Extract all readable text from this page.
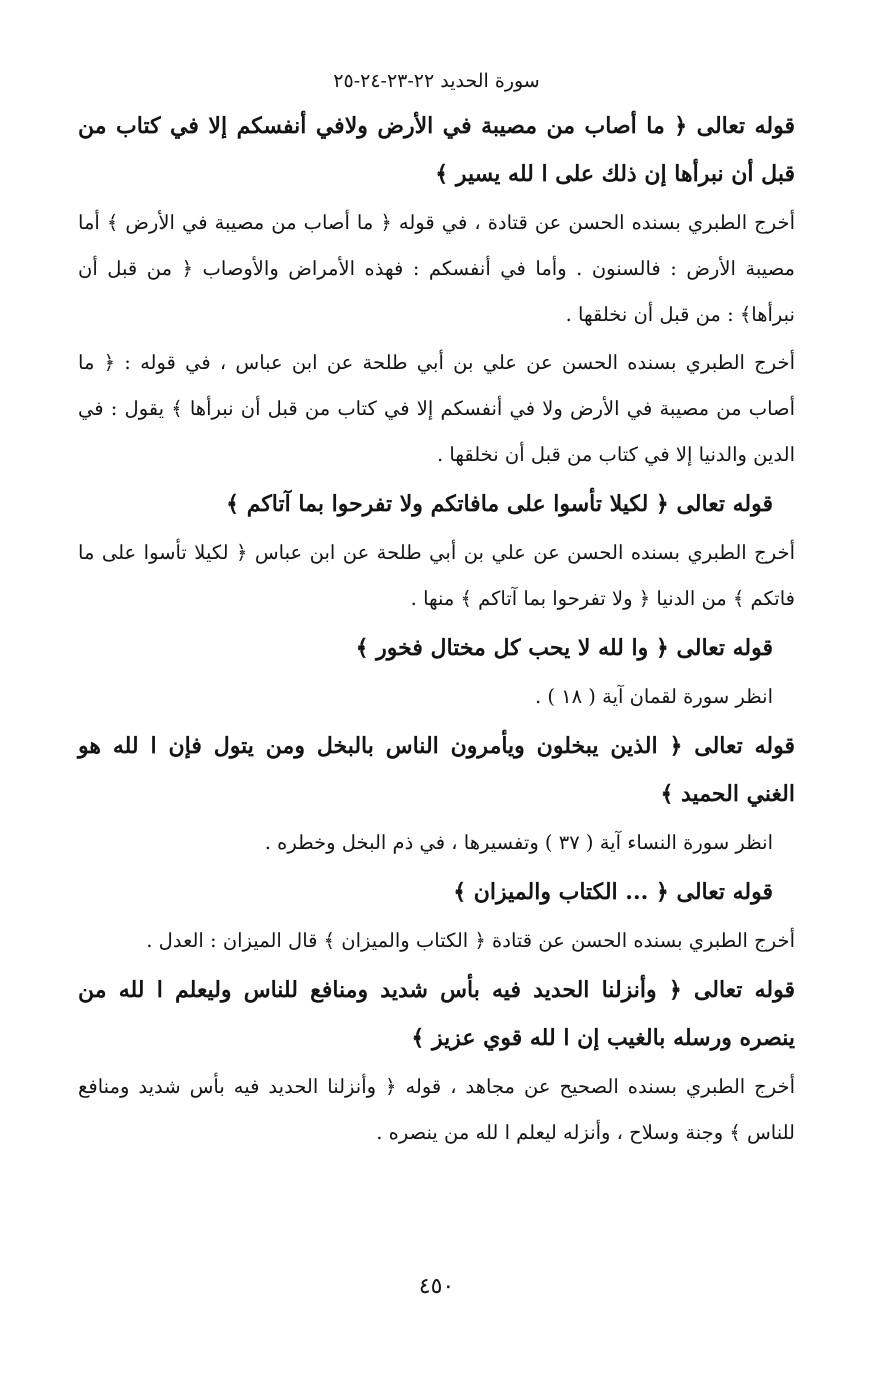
سورة الحديد ٢٢-٢٣-٢٤-٢٥

قوله تعالى ﴿ ما أصاب من مصيبة في الأرض ولافي أنفسكم إلا في كتاب من قبل أن نبرأها إن ذلك على ا لله يسير ﴾

أخرج الطبري بسنده الحسن عن قتادة ، في قوله ﴿ ما أصاب من مصيبة في الأرض ﴾ أما مصيبة الأرض : فالسنون . وأما في أنفسكم : فهذه الأمراض والأوصاب ﴿ من قبل أن نبرأها﴾ : من قبل أن نخلقها .

أخرج الطبري بسنده الحسن عن علي بن أبي طلحة عن ابن عباس ، في قوله : ﴿ ما أصاب من مصيبة في الأرض ولا في أنفسكم إلا في كتاب من قبل أن نبرأها ﴾ يقول : في الدين والدنيا إلا في كتاب من قبل أن نخلقها .

قوله تعالى ﴿ لكيلا تأسوا على مافاتكم ولا تفرحوا بما آتاكم ﴾

أخرج الطبري بسنده الحسن عن علي بن أبي طلحة عن ابن عباس ﴿ لكيلا تأسوا على ما فاتكم ﴾ من الدنيا ﴿ ولا تفرحوا بما آتاكم ﴾ منها .

قوله تعالى ﴿ وا لله لا يحب كل مختال فخور ﴾

انظر سورة لقمان آية ( ١٨ ) .

قوله تعالى ﴿ الذين يبخلون ويأمرون الناس بالبخل ومن يتول فإن ا لله هو الغني الحميد ﴾

انظر سورة النساء آية ( ٣٧ ) وتفسيرها ، في ذم البخل وخطره .

قوله تعالى ﴿ ... الكتاب والميزان ﴾

أخرج الطبري بسنده الحسن عن قتادة ﴿ الكتاب والميزان ﴾ قال الميزان : العدل .

قوله تعالى ﴿ وأنزلنا الحديد فيه بأس شديد ومنافع للناس وليعلم ا لله من ينصره ورسله بالغيب إن ا لله قوي عزيز ﴾

أخرج الطبري بسنده الصحيح عن مجاهد ، قوله ﴿ وأنزلنا الحديد فيه بأس شديد ومنافع للناس ﴾ وجنة وسلاح ، وأنزله ليعلم ا لله من ينصره .

٤٥٠
